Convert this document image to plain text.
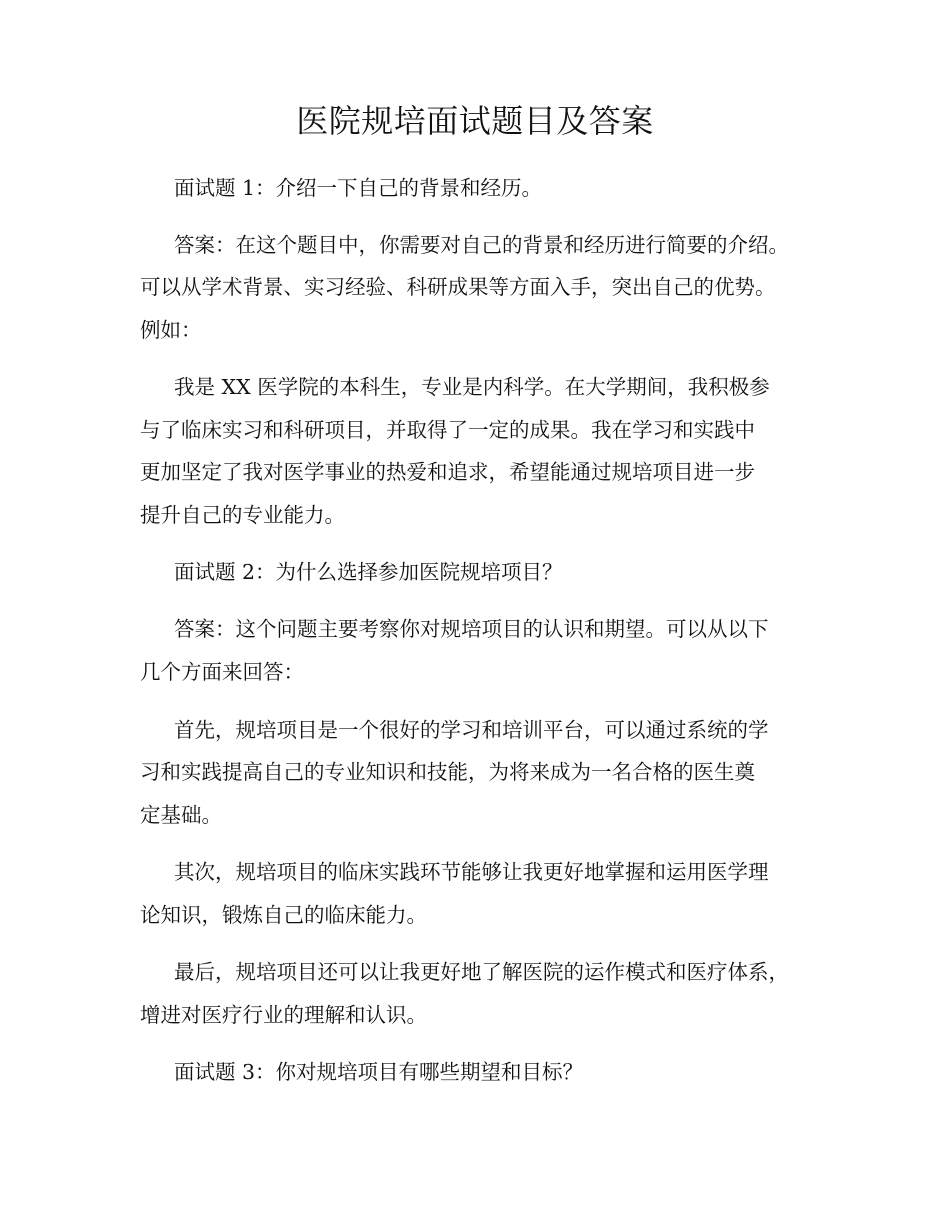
医院规培面试题目及答案
面试题 1：介绍一下自己的背景和经历。
答案：在这个题目中，你需要对自己的背景和经历进行简要的介绍。
可以从学术背景、实习经验、科研成果等方面入手，突出自己的优势。
例如：
我是 XX 医学院的本科生，专业是内科学。在大学期间，我积极参
与了临床实习和科研项目，并取得了一定的成果。我在学习和实践中
更加坚定了我对医学事业的热爱和追求，希望能通过规培项目进一步
提升自己的专业能力。
面试题 2：为什么选择参加医院规培项目？
答案：这个问题主要考察你对规培项目的认识和期望。可以从以下
几个方面来回答：
首先，规培项目是一个很好的学习和培训平台，可以通过系统的学
习和实践提高自己的专业知识和技能，为将来成为一名合格的医生奠
定基础。
其次，规培项目的临床实践环节能够让我更好地掌握和运用医学理
论知识，锻炼自己的临床能力。
最后，规培项目还可以让我更好地了解医院的运作模式和医疗体系，
增进对医疗行业的理解和认识。
面试题 3：你对规培项目有哪些期望和目标？
